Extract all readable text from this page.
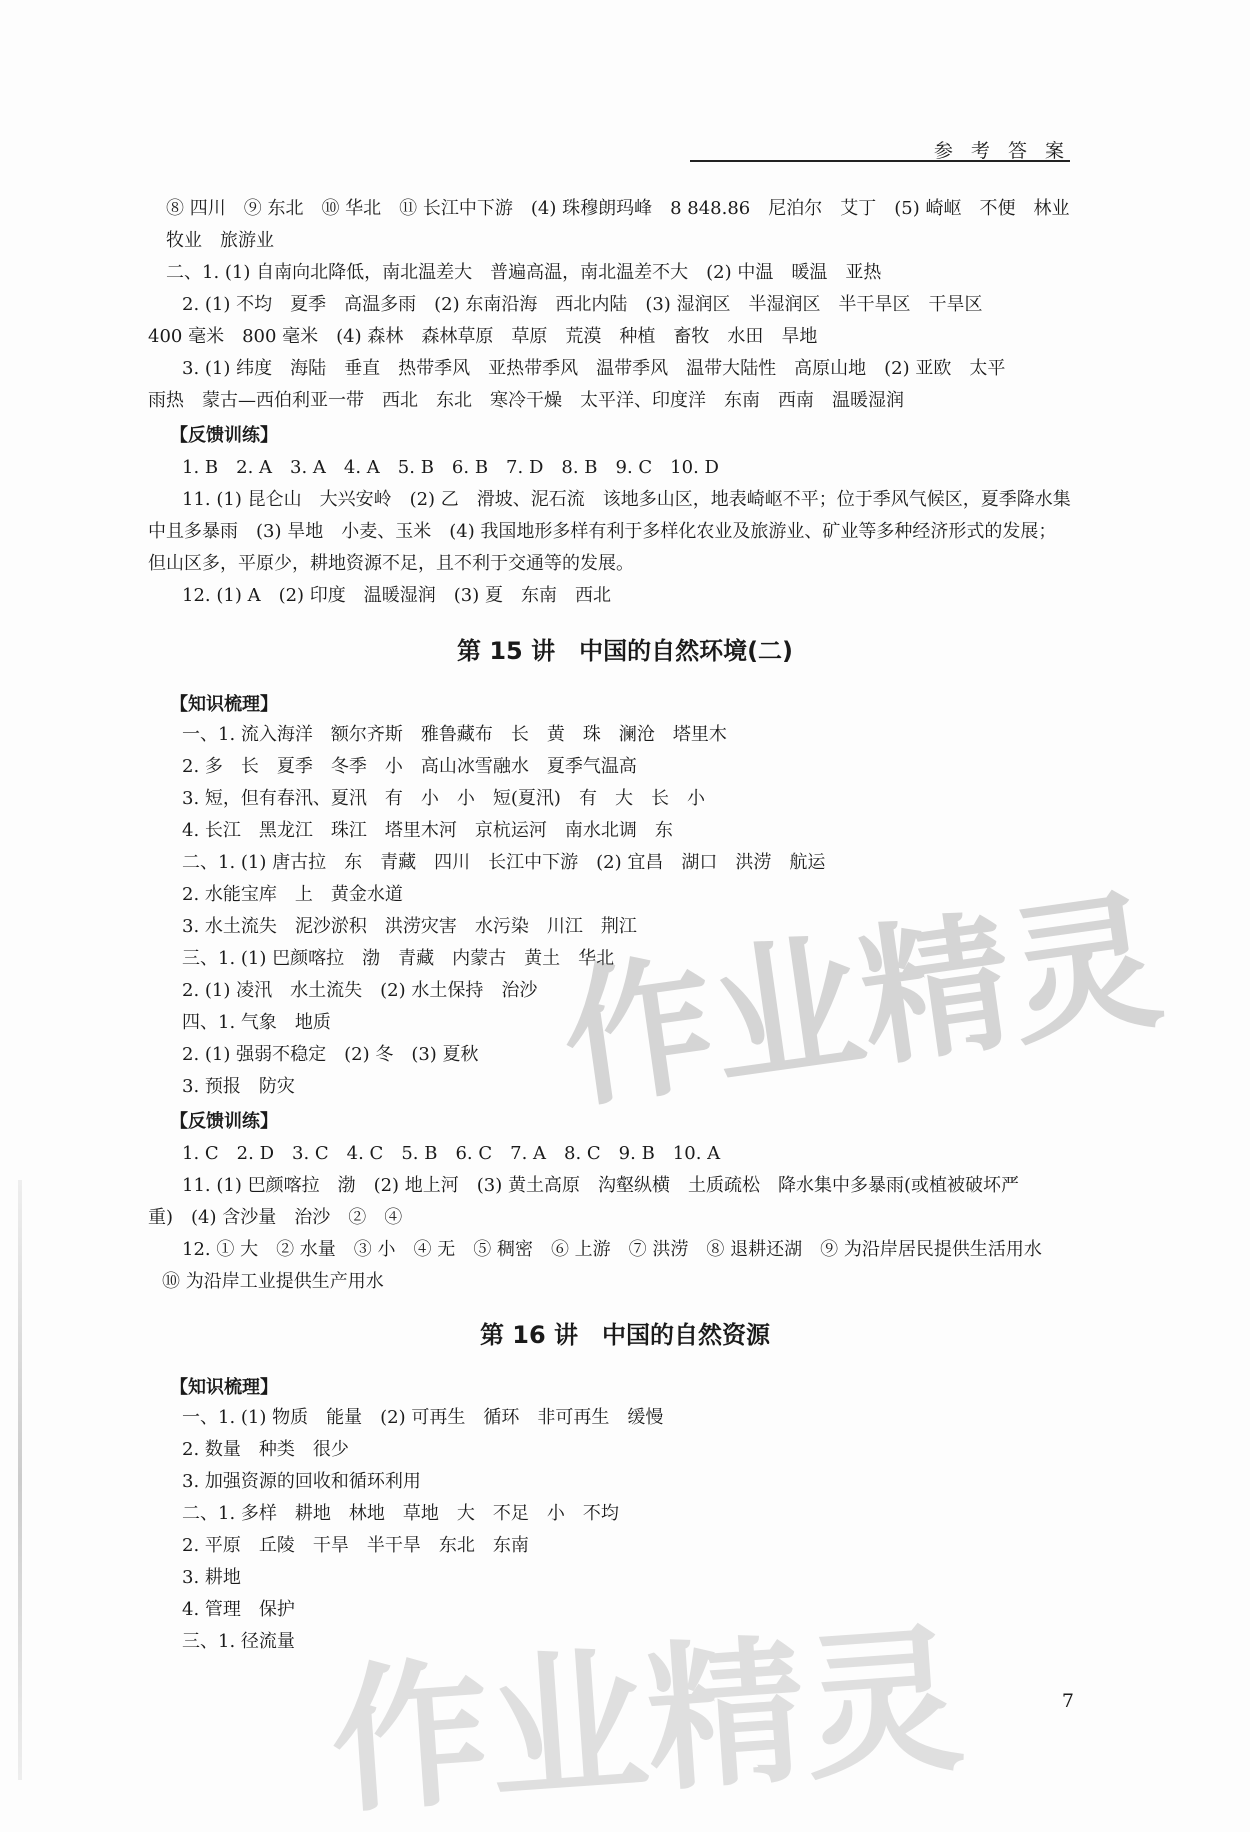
参 考 答 案
⑧ 四川　⑨ 东北　⑩ 华北　⑪ 长江中下游　(4) 珠穆朗玛峰　8 848.86　尼泊尔　艾丁　(5) 崎岖　不便　林业
牧业　旅游业
二、1. (1) 自南向北降低，南北温差大　普遍高温，南北温差不大　(2) 中温　暖温　亚热
2. (1) 不均　夏季　高温多雨　(2) 东南沿海　西北内陆　(3) 湿润区　半湿润区　半干旱区　干旱区
400 毫米　800 毫米　(4) 森林　森林草原　草原　荒漠　种植　畜牧　水田　旱地
3. (1) 纬度　海陆　垂直　热带季风　亚热带季风　温带季风　温带大陆性　高原山地　(2) 亚欧　太平
雨热　蒙古—西伯利亚一带　西北　东北　寒冷干燥　太平洋、印度洋　东南　西南　温暖湿润
【反馈训练】
1. B　2. A　3. A　4. A　5. B　6. B　7. D　8. B　9. C　10. D
11. (1) 昆仑山　大兴安岭　(2) 乙　滑坡、泥石流　该地多山区，地表崎岖不平；位于季风气候区，夏季降水集
中且多暴雨　(3) 旱地　小麦、玉米　(4) 我国地形多样有利于多样化农业及旅游业、矿业等多种经济形式的发展；
但山区多，平原少，耕地资源不足，且不利于交通等的发展。
12. (1) A　(2) 印度　温暖湿润　(3) 夏　东南　西北
第 15 讲　中国的自然环境(二)
【知识梳理】
一、1. 流入海洋　额尔齐斯　雅鲁藏布　长　黄　珠　澜沧　塔里木
2. 多　长　夏季　冬季　小　高山冰雪融水　夏季气温高
3. 短，但有春汛、夏汛　有　小　小　短(夏汛)　有　大　长　小
4. 长江　黑龙江　珠江　塔里木河　京杭运河　南水北调　东
二、1. (1) 唐古拉　东　青藏　四川　长江中下游　(2) 宜昌　湖口　洪涝　航运
2. 水能宝库　上　黄金水道
3. 水土流失　泥沙淤积　洪涝灾害　水污染　川江　荆江
三、1. (1) 巴颜喀拉　渤　青藏　内蒙古　黄土　华北
2. (1) 凌汛　水土流失　(2) 水土保持　治沙
四、1. 气象　地质
2. (1) 强弱不稳定　(2) 冬　(3) 夏秋
3. 预报　防灾
【反馈训练】
1. C　2. D　3. C　4. C　5. B　6. C　7. A　8. C　9. B　10. A
11. (1) 巴颜喀拉　渤　(2) 地上河　(3) 黄土高原　沟壑纵横　土质疏松　降水集中多暴雨(或植被破坏严
重)　(4) 含沙量　治沙　②　④
12. ① 大　② 水量　③ 小　④ 无　⑤ 稠密　⑥ 上游　⑦ 洪涝　⑧ 退耕还湖　⑨ 为沿岸居民提供生活用水
⑩ 为沿岸工业提供生产用水
第 16 讲　中国的自然资源
【知识梳理】
一、1. (1) 物质　能量　(2) 可再生　循环　非可再生　缓慢
2. 数量　种类　很少
3. 加强资源的回收和循环利用
二、1. 多样　耕地　林地　草地　大　不足　小　不均
2. 平原　丘陵　干旱　半干旱　东北　东南
3. 耕地
4. 管理　保护
三、1. 径流量
7
作业精灵
作业精灵
